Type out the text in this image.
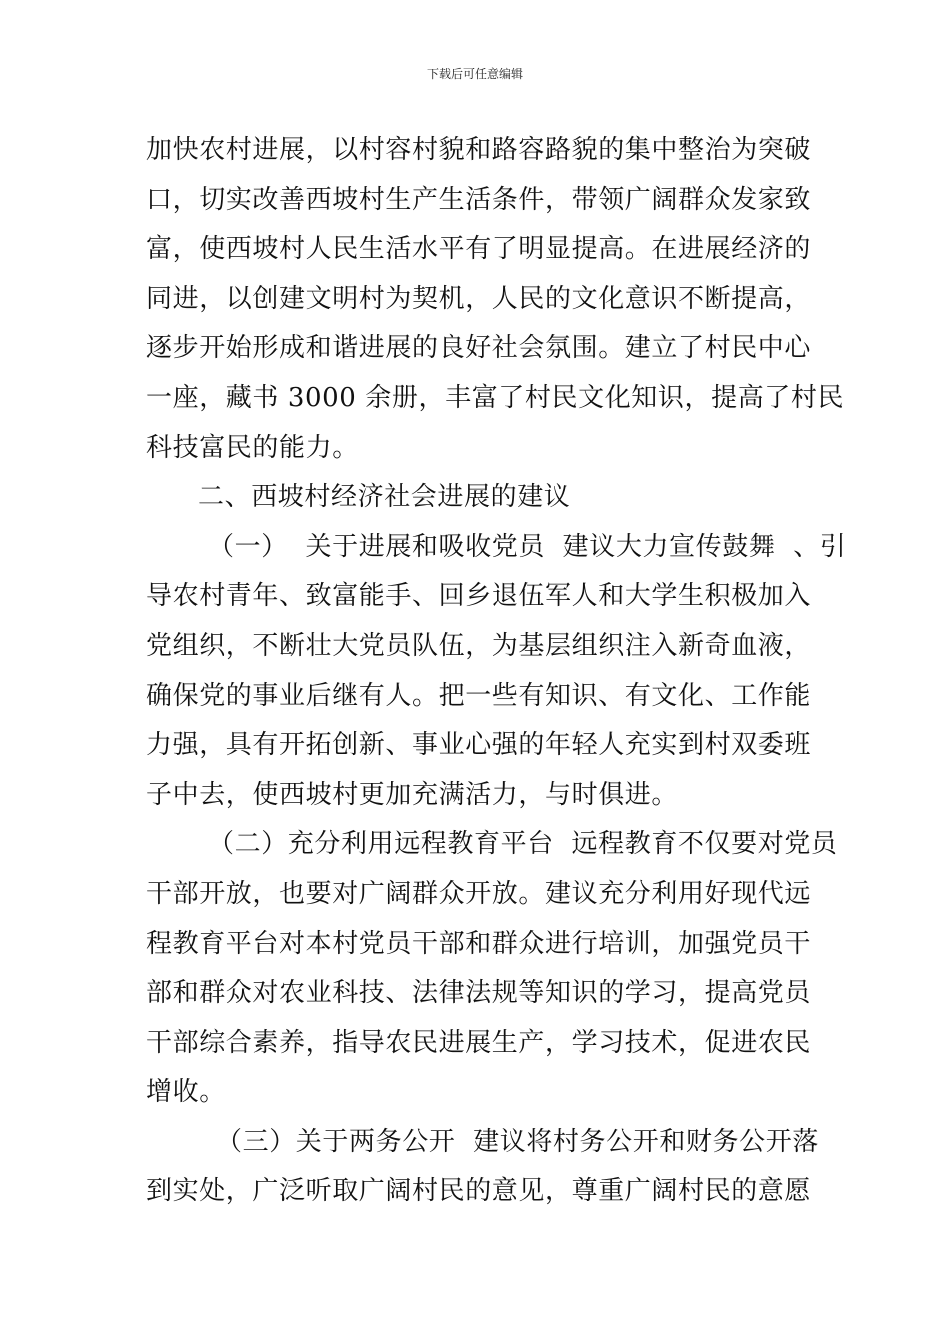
下载后可任意编辑
加快农村进展，以村容村貌和路容路貌的集中整治为突破
口，切实改善西坡村生产生活条件，带领广阔群众发家致
富，使西坡村人民生活水平有了明显提高。在进展经济的
同进，以创建文明村为契机，人民的文化意识不断提高，
逐步开始形成和谐进展的良好社会氛围。建立了村民中心
一座，藏书 3000 余册，丰富了村民文化知识，提高了村民
科技富民的能力。
二、西坡村经济社会进展的建议
（一）  关于进展和吸收党员  建议大力宣传鼓舞  、引
导农村青年、致富能手、回乡退伍军人和大学生积极加入
党组织，不断壮大党员队伍，为基层组织注入新奇血液，
确保党的事业后继有人。把一些有知识、有文化、工作能
力强，具有开拓创新、事业心强的年轻人充实到村双委班
子中去，使西坡村更加充满活力，与时俱进。
（二）充分利用远程教育平台  远程教育不仅要对党员
干部开放，也要对广阔群众开放。建议充分利用好现代远
程教育平台对本村党员干部和群众进行培训，加强党员干
部和群众对农业科技、法律法规等知识的学习，提高党员
干部综合素养，指导农民进展生产，学习技术，促进农民
增收。
（三）关于两务公开  建议将村务公开和财务公开落
到实处，广泛听取广阔村民的意见，尊重广阔村民的意愿
